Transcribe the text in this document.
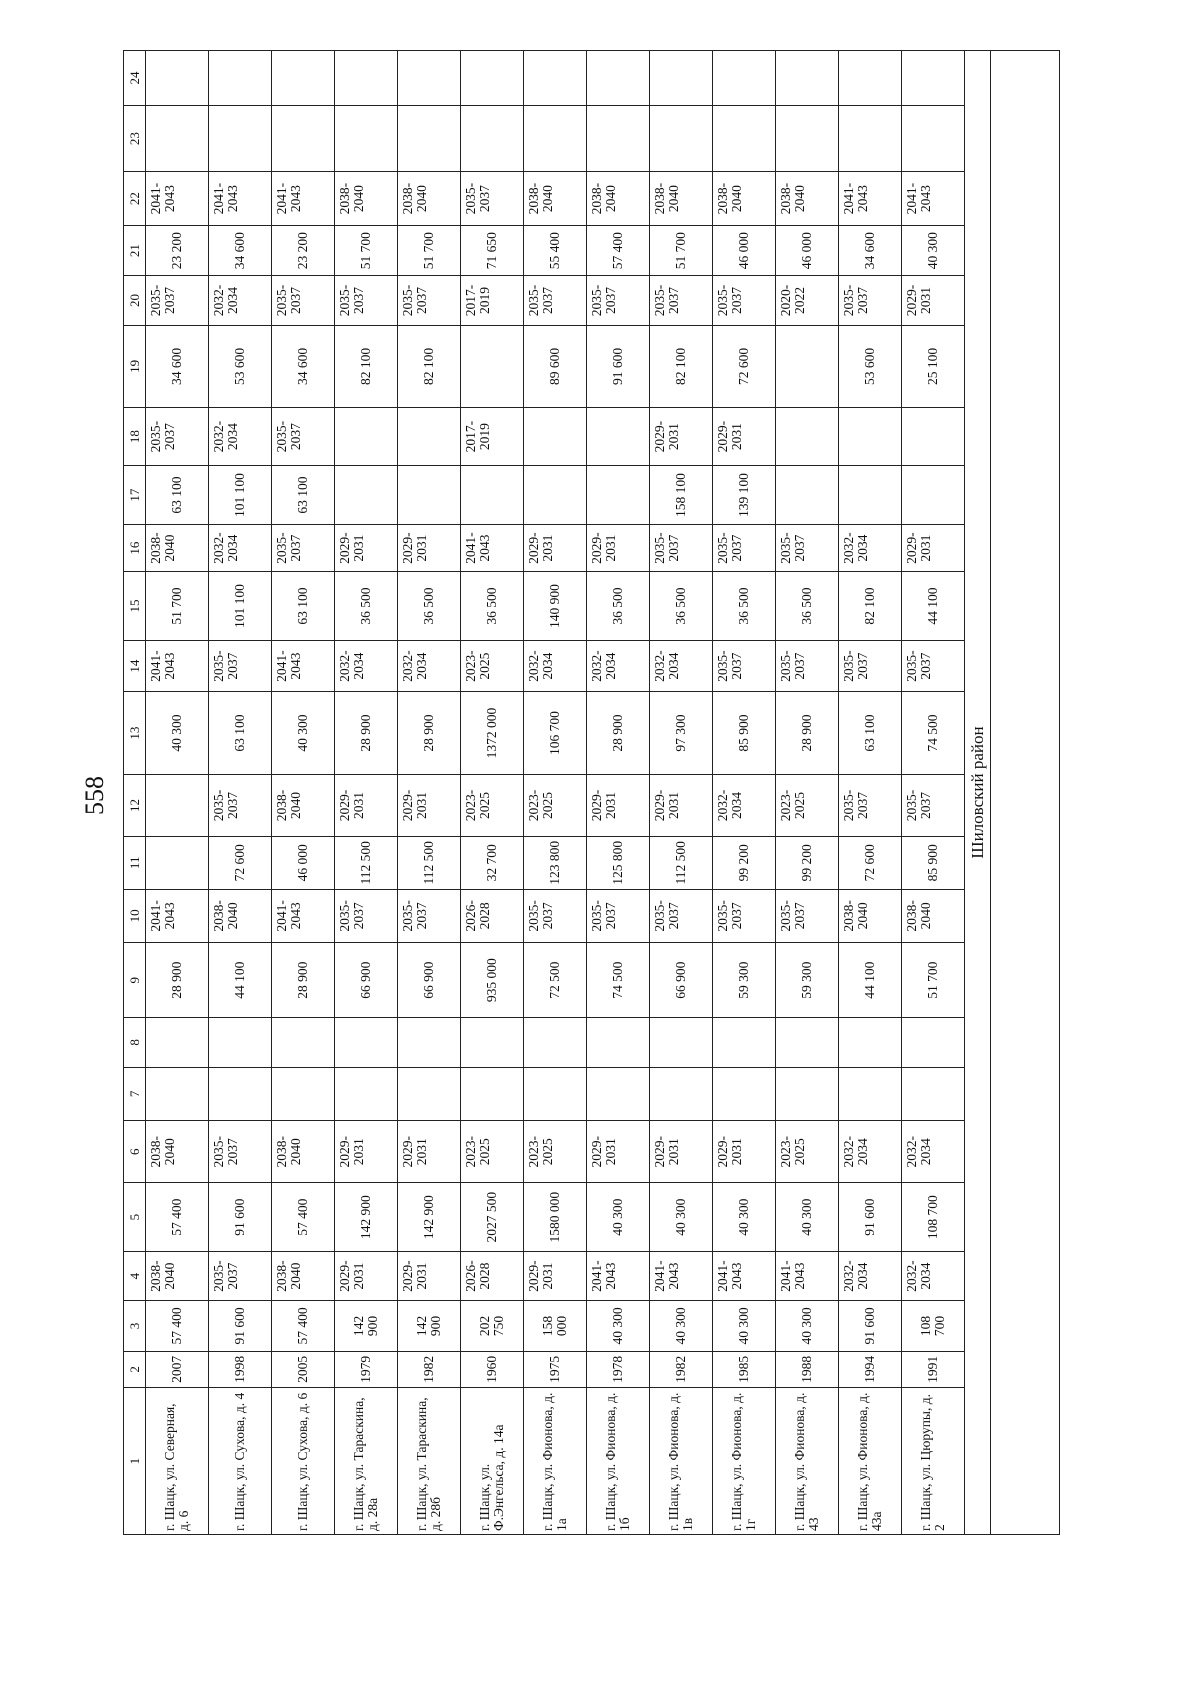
558
1	2	3	4	5	6	7	8	9	10	11	12	13	14	15	16	17	18	19	20	21	22	23	24
г. Шацк, ул. Северная, д. 6	2007	57 400	2038-2040	57 400	2038-2040			28 900	2041-2043			40 300	2041-2043	51 700	2038-2040	63 100	2035-2037	34 600	2035-2037	23 200	2041-2043		
г. Шацк, ул. Сухова, д. 4	1998	91 600	2035-2037	91 600	2035-2037			44 100	2038-2040	72 600	2035-2037	63 100	2035-2037	101 100	2032-2034	101 100	2032-2034	53 600	2032-2034	34 600	2041-2043		
г. Шацк, ул. Сухова, д. 6	2005	57 400	2038-2040	57 400	2038-2040			28 900	2041-2043	46 000	2038-2040	40 300	2041-2043	63 100	2035-2037	63 100	2035-2037	34 600	2035-2037	23 200	2041-2043		
г. Шацк, ул. Тараскина, д. 28а	1979	142 900	2029-2031	142 900	2029-2031			66 900	2035-2037	112 500	2029-2031	28 900	2032-2034	36 500	2029-2031			82 100	2035-2037	51 700	2038-2040		
г. Шацк, ул. Тараскина, д. 28б	1982	142 900	2029-2031	142 900	2029-2031			66 900	2035-2037	112 500	2029-2031	28 900	2032-2034	36 500	2029-2031			82 100	2035-2037	51 700	2038-2040		
г. Шацк, ул. Ф.Энгельса, д. 14а	1960	202 750	2026-2028	2027 500	2023-2025			935 000	2026-2028	32 700	2023-2025	1372 000	2023-2025	36 500	2041-2043		2017-2019		2017-2019	71 650	2035-2037		
г. Шацк, ул. Фионова, д. 1а	1975	158 000	2029-2031	1580 000	2023-2025			72 500	2035-2037	123 800	2023-2025	106 700	2032-2034	140 900	2029-2031			89 600	2035-2037	55 400	2038-2040		
г. Шацк, ул. Фионова, д. 1б	1978	40 300	2041-2043	40 300	2029-2031			74 500	2035-2037	125 800	2029-2031	28 900	2032-2034	36 500	2029-2031			91 600	2035-2037	57 400	2038-2040		
г. Шацк, ул. Фионова, д. 1в	1982	40 300	2041-2043	40 300	2029-2031			66 900	2035-2037	112 500	2029-2031	97 300	2032-2034	36 500	2035-2037	158 100	2029-2031	82 100	2035-2037	51 700	2038-2040		
г. Шацк, ул. Фионова, д. 1г	1985	40 300	2041-2043	40 300	2029-2031			59 300	2035-2037	99 200	2032-2034	85 900	2035-2037	36 500	2035-2037	139 100	2029-2031	72 600	2035-2037	46 000	2038-2040		
г. Шацк, ул. Фионова, д. 43	1988	40 300	2041-2043	40 300	2023-2025			59 300	2035-2037	99 200	2023-2025	28 900	2035-2037	36 500	2035-2037				2020-2022	46 000	2038-2040		
г. Шацк, ул. Фионова, д. 43а	1994	91 600	2032-2034	91 600	2032-2034			44 100	2038-2040	72 600	2035-2037	63 100	2035-2037	82 100	2032-2034			53 600	2035-2037	34 600	2041-2043		
г. Шацк, ул. Цюрупы, д. 2	1991	108 700	2032-2034	108 700	2032-2034			51 700	2038-2040	85 900	2035-2037	74 500	2035-2037	44 100	2029-2031			25 100	2029-2031	40 300	2041-2043		
Шиловский район																							
